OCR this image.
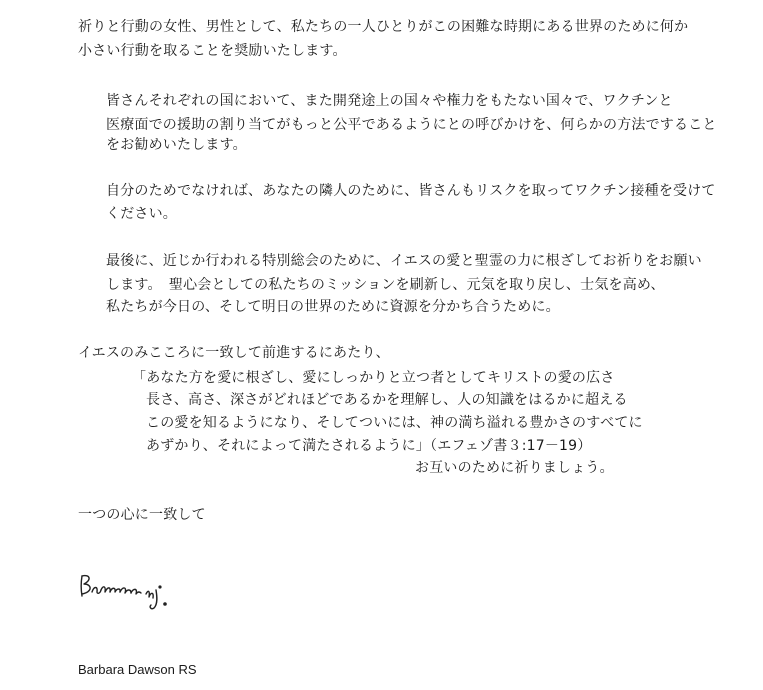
祈りと行動の女性、男性として、私たちの一人ひとりがこの困難な時期にある世界のために何か
小さい行動を取ることを奨励いたします。
皆さんそれぞれの国において、また開発途上の国々や権力をもたない国々で、ワクチンと
医療面での援助の割り当てがもっと公平であるようにとの呼びかけを、何らかの方法ですること
をお勧めいたします。
自分のためでなければ、あなたの隣人のために、皆さんもリスクを取ってワクチン接種を受けて
ください。
最後に、近じか行われる特別総会のために、イエスの愛と聖霊の力に根ざしてお祈りをお願い
します。　聖心会としての私たちのミッションを刷新し、元気を取り戻し、士気を高め、
私たちが今日の、そして明日の世界のために資源を分かち合うために。
イエスのみこころに一致して前進するにあたり、
「あなた方を愛に根ざし、愛にしっかりと立つ者としてキリストの愛の広さ
長さ、高さ、深さがどれほどであるかを理解し、人の知識をはるかに超える
この愛を知るようになり、そしてついには、神の満ち溢れる豊かさのすべてに
あずかり、それによって満たされるように」（エフェゾ書３:17－19）
お互いのために祈りましょう。
一つの心に一致して
Barbara Dawson RS
